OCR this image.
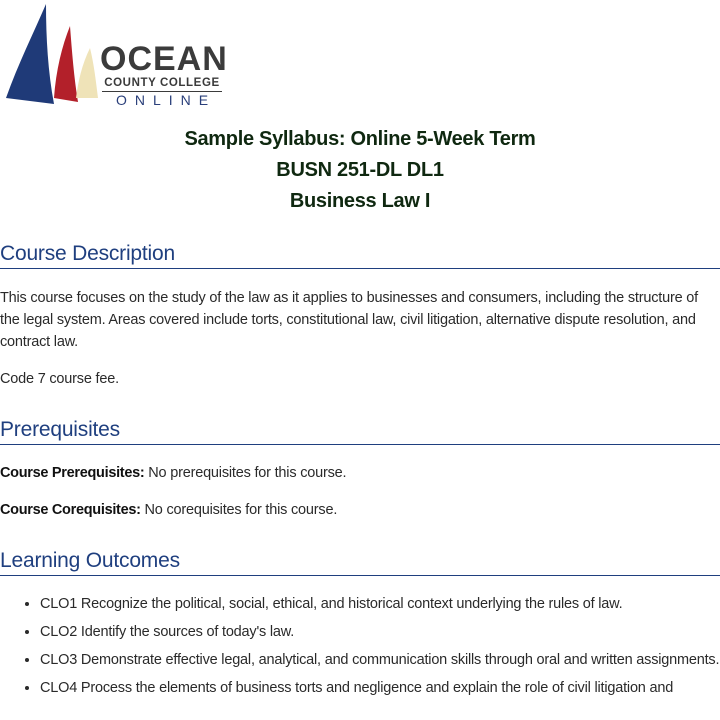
OCEAN
COUNTY COLLEGE
ONLINE
Sample Syllabus: Online 5-Week Term
BUSN 251-DL DL1
Business Law I
Course Description

This course focuses on the study of the law as it applies to businesses and consumers, including the structure of the legal system. Areas covered include torts, constitutional law, civil litigation, alternative dispute resolution, and contract law.

Code 7 course fee.

Prerequisites

Course Prerequisites: No prerequisites for this course.

Course Corequisites: No corequisites for this course.

Learning Outcomes
• CLO1 Recognize the political, social, ethical, and historical context underlying the rules of law.
• CLO2 Identify the sources of today's law.
• CLO3 Demonstrate effective legal, analytical, and communication skills through oral and written assignments.
• CLO4 Process the elements of business torts and negligence and explain the role of civil litigation and
